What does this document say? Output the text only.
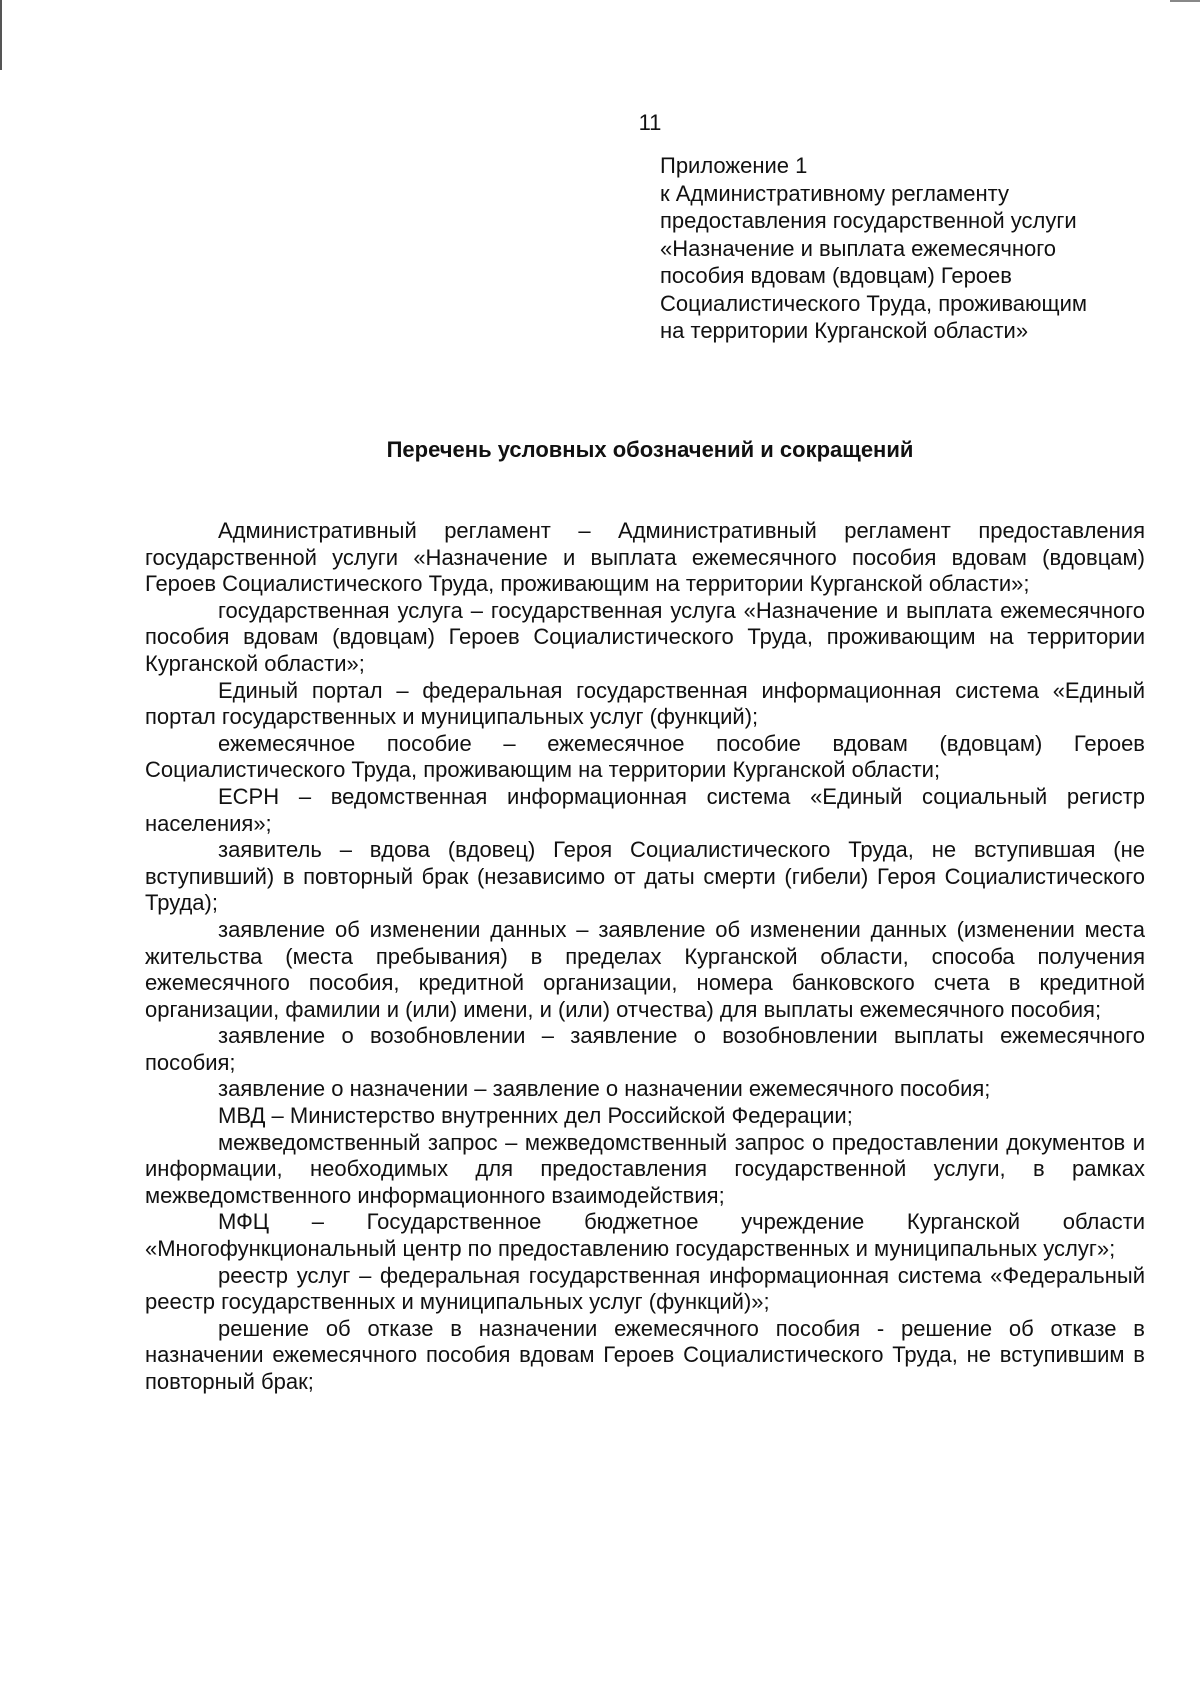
11
Приложение 1
к Административному регламенту
предоставления государственной услуги
«Назначение и выплата ежемесячного
пособия вдовам (вдовцам) Героев
Социалистического Труда, проживающим
на территории Курганской области»
Перечень условных обозначений и сокращений

Административный регламент – Административный регламент предоставления государственной услуги «Назначение и выплата ежемесячного пособия вдовам (вдовцам) Героев Социалистического Труда, проживающим на территории Курганской области»;

государственная услуга – государственная услуга «Назначение и выплата ежемесячного пособия вдовам (вдовцам) Героев Социалистического Труда, проживающим на территории Курганской области»;

Единый портал – федеральная государственная информационная система «Единый портал государственных и муниципальных услуг (функций);

ежемесячное пособие – ежемесячное пособие вдовам (вдовцам) Героев Социалистического Труда, проживающим на территории Курганской области;

ЕСРН – ведомственная информационная система «Единый социальный регистр населения»;

заявитель – вдова (вдовец) Героя Социалистического Труда, не вступившая (не вступивший) в повторный брак (независимо от даты смерти (гибели) Героя Социалистического Труда);

заявление об изменении данных – заявление об изменении данных (изменении места жительства (места пребывания) в пределах Курганской области, способа получения ежемесячного пособия, кредитной организации, номера банковского счета в кредитной организации, фамилии и (или) имени, и (или) отчества) для выплаты ежемесячного пособия;

заявление о возобновлении – заявление о возобновлении выплаты ежемесячного пособия;

заявление о назначении – заявление о назначении ежемесячного пособия;

МВД – Министерство внутренних дел Российской Федерации;

межведомственный запрос – межведомственный запрос о предоставлении документов и информации, необходимых для предоставления государственной услуги, в рамках межведомственного информационного взаимодействия;

МФЦ – Государственное бюджетное учреждение Курганской области «Многофункциональный центр по предоставлению государственных и муниципальных услуг»;

реестр услуг – федеральная государственная информационная система «Федеральный реестр государственных и муниципальных услуг (функций)»;

решение об отказе в назначении ежемесячного пособия - решение об отказе в назначении ежемесячного пособия вдовам Героев Социалистического Труда, не вступившим в повторный брак;
